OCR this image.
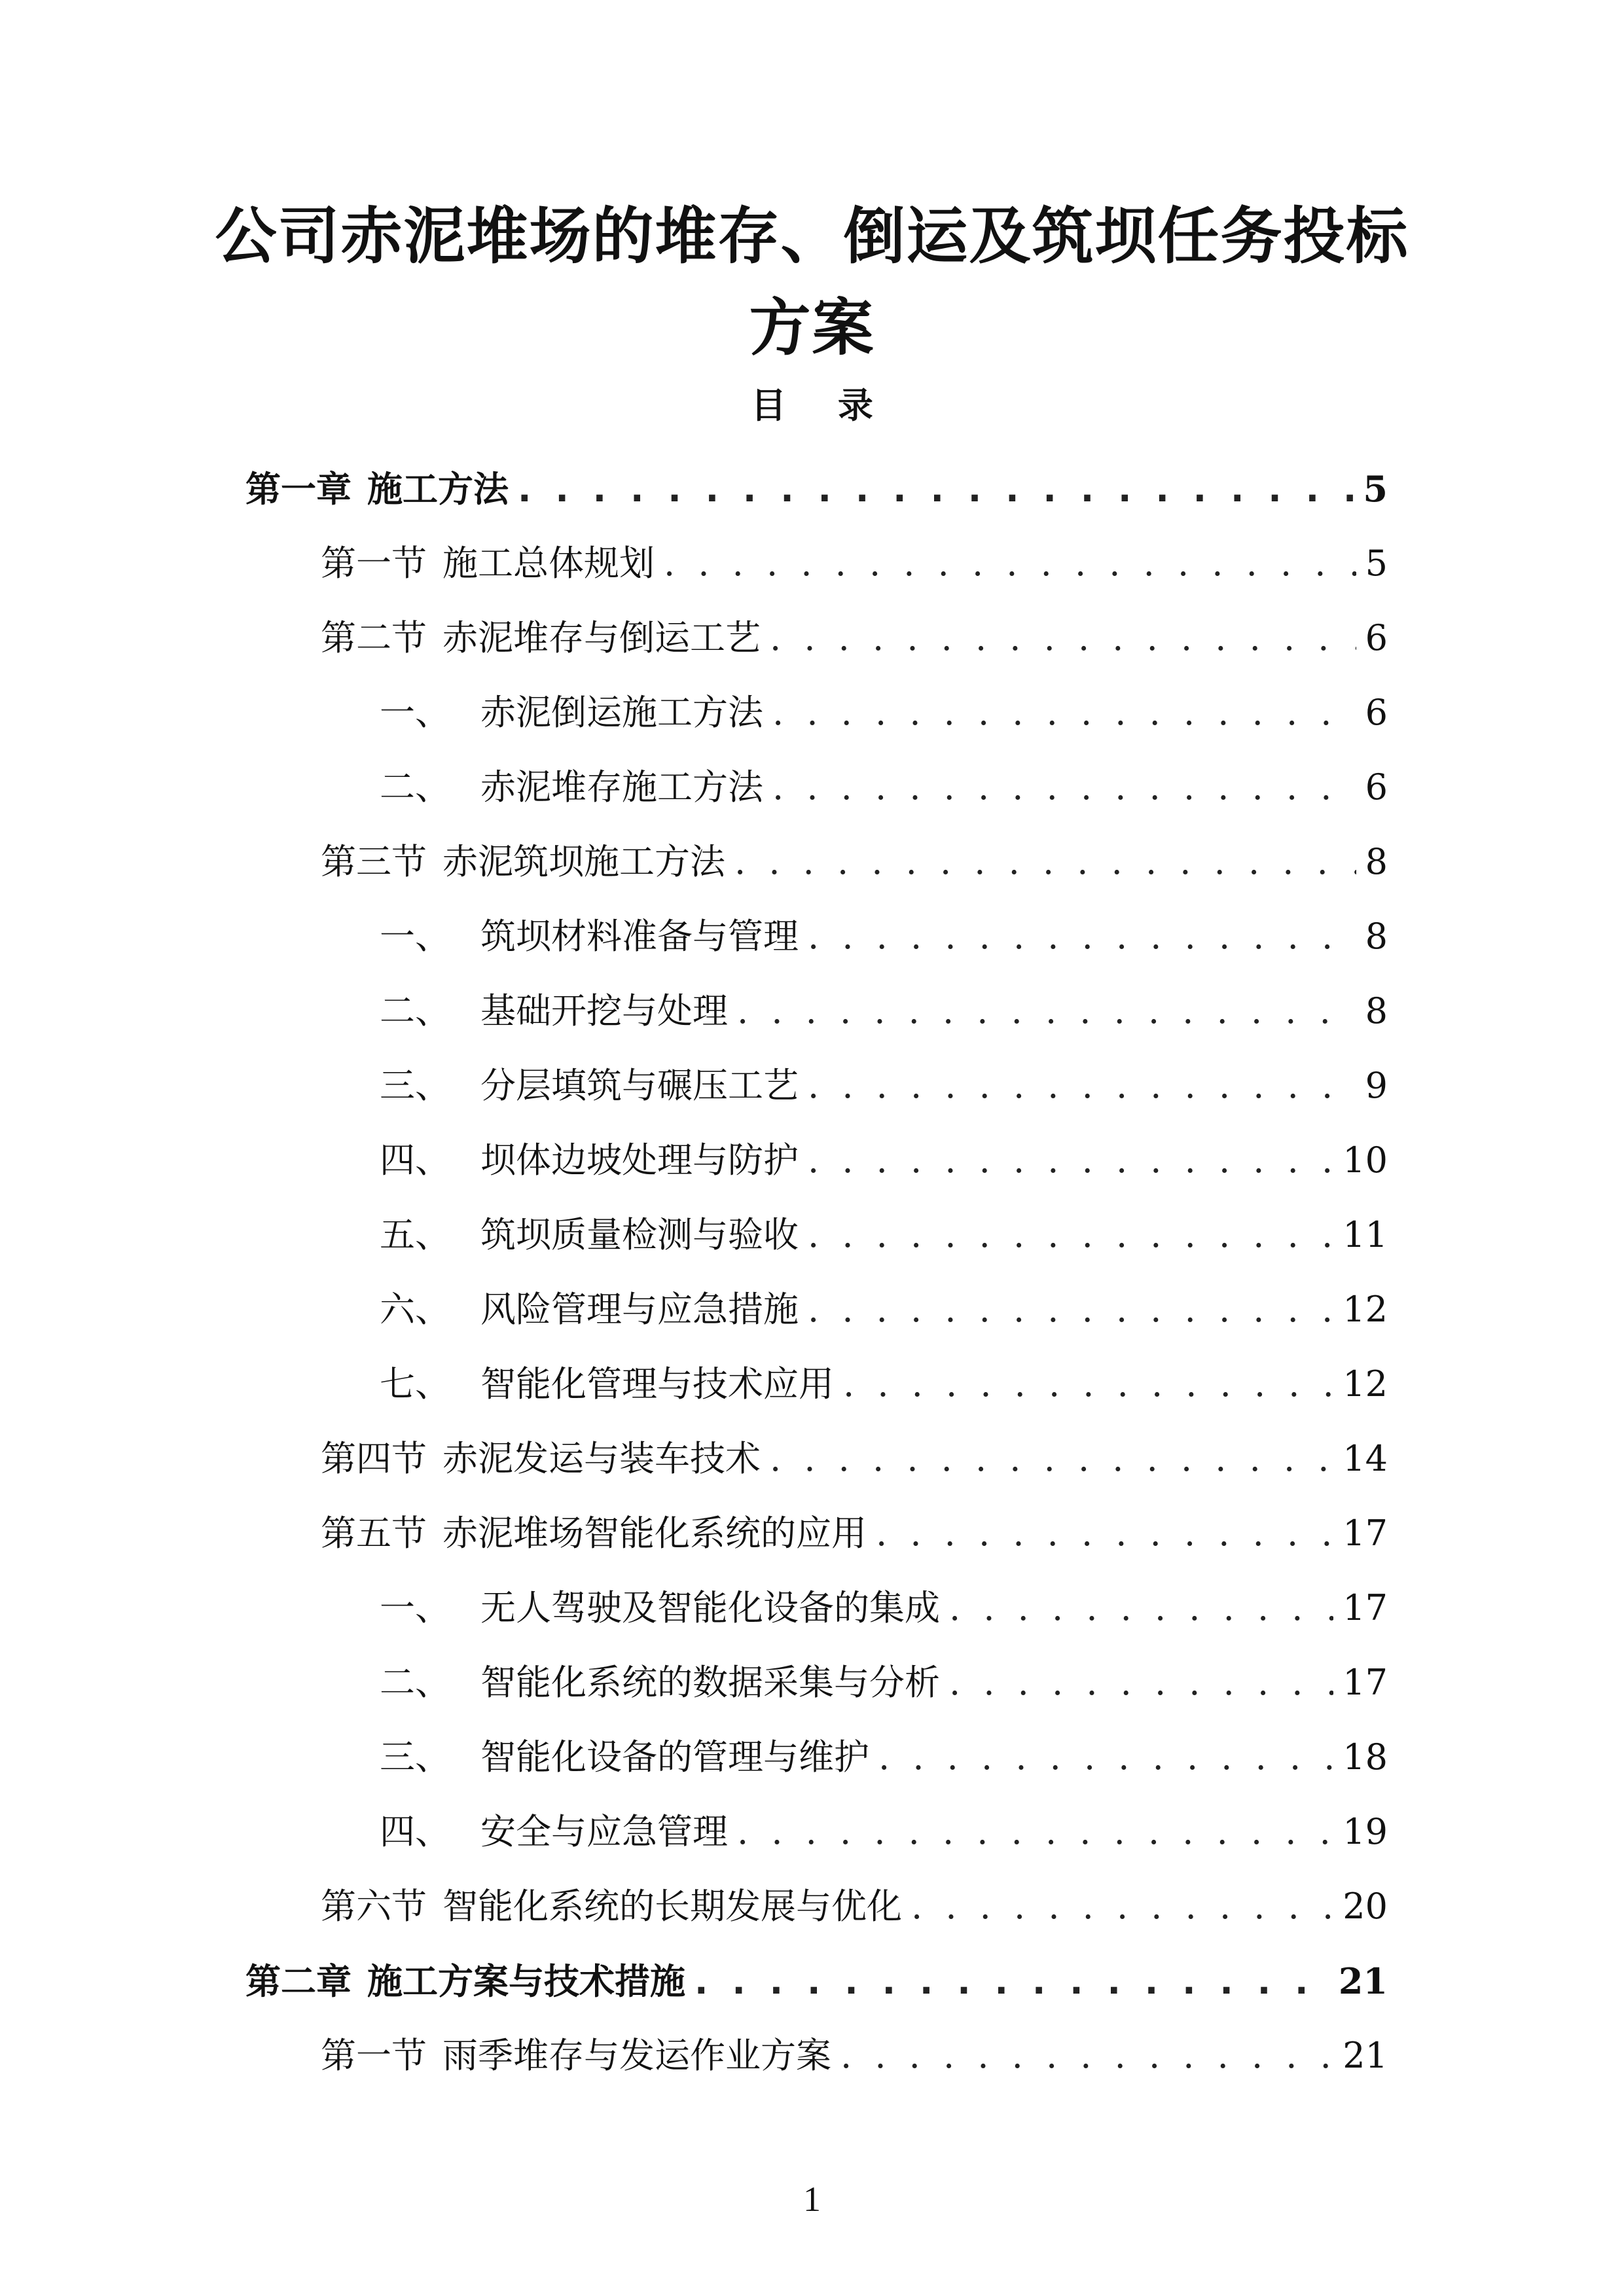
公司赤泥堆场的堆存、倒运及筑坝任务投标
方案
目 录
第一章 施工方法 . . .	5
第一节 施工总体规划 . . .	5
第二节 赤泥堆存与倒运工艺 . . .	6
一、 赤泥倒运施工方法 . . .	6
二、 赤泥堆存施工方法 . . .	6
第三节 赤泥筑坝施工方法 . . .	8
一、 筑坝材料准备与管理 . . .	8
二、 基础开挖与处理 . . .	8
三、 分层填筑与碾压工艺 . . .	9
四、 坝体边坡处理与防护 . . .	10
五、 筑坝质量检测与验收 . . .	11
六、 风险管理与应急措施 . . .	12
七、 智能化管理与技术应用 . . .	12
第四节 赤泥发运与装车技术 . . .	14
第五节 赤泥堆场智能化系统的应用 . . .	17
一、 无人驾驶及智能化设备的集成 . . .	17
二、 智能化系统的数据采集与分析 . . .	17
三、 智能化设备的管理与维护 . . .	18
四、 安全与应急管理 . . .	19
第六节 智能化系统的长期发展与优化 . . .	20
第二章 施工方案与技术措施 . . .	21
第一节 雨季堆存与发运作业方案 . . .	21
1
